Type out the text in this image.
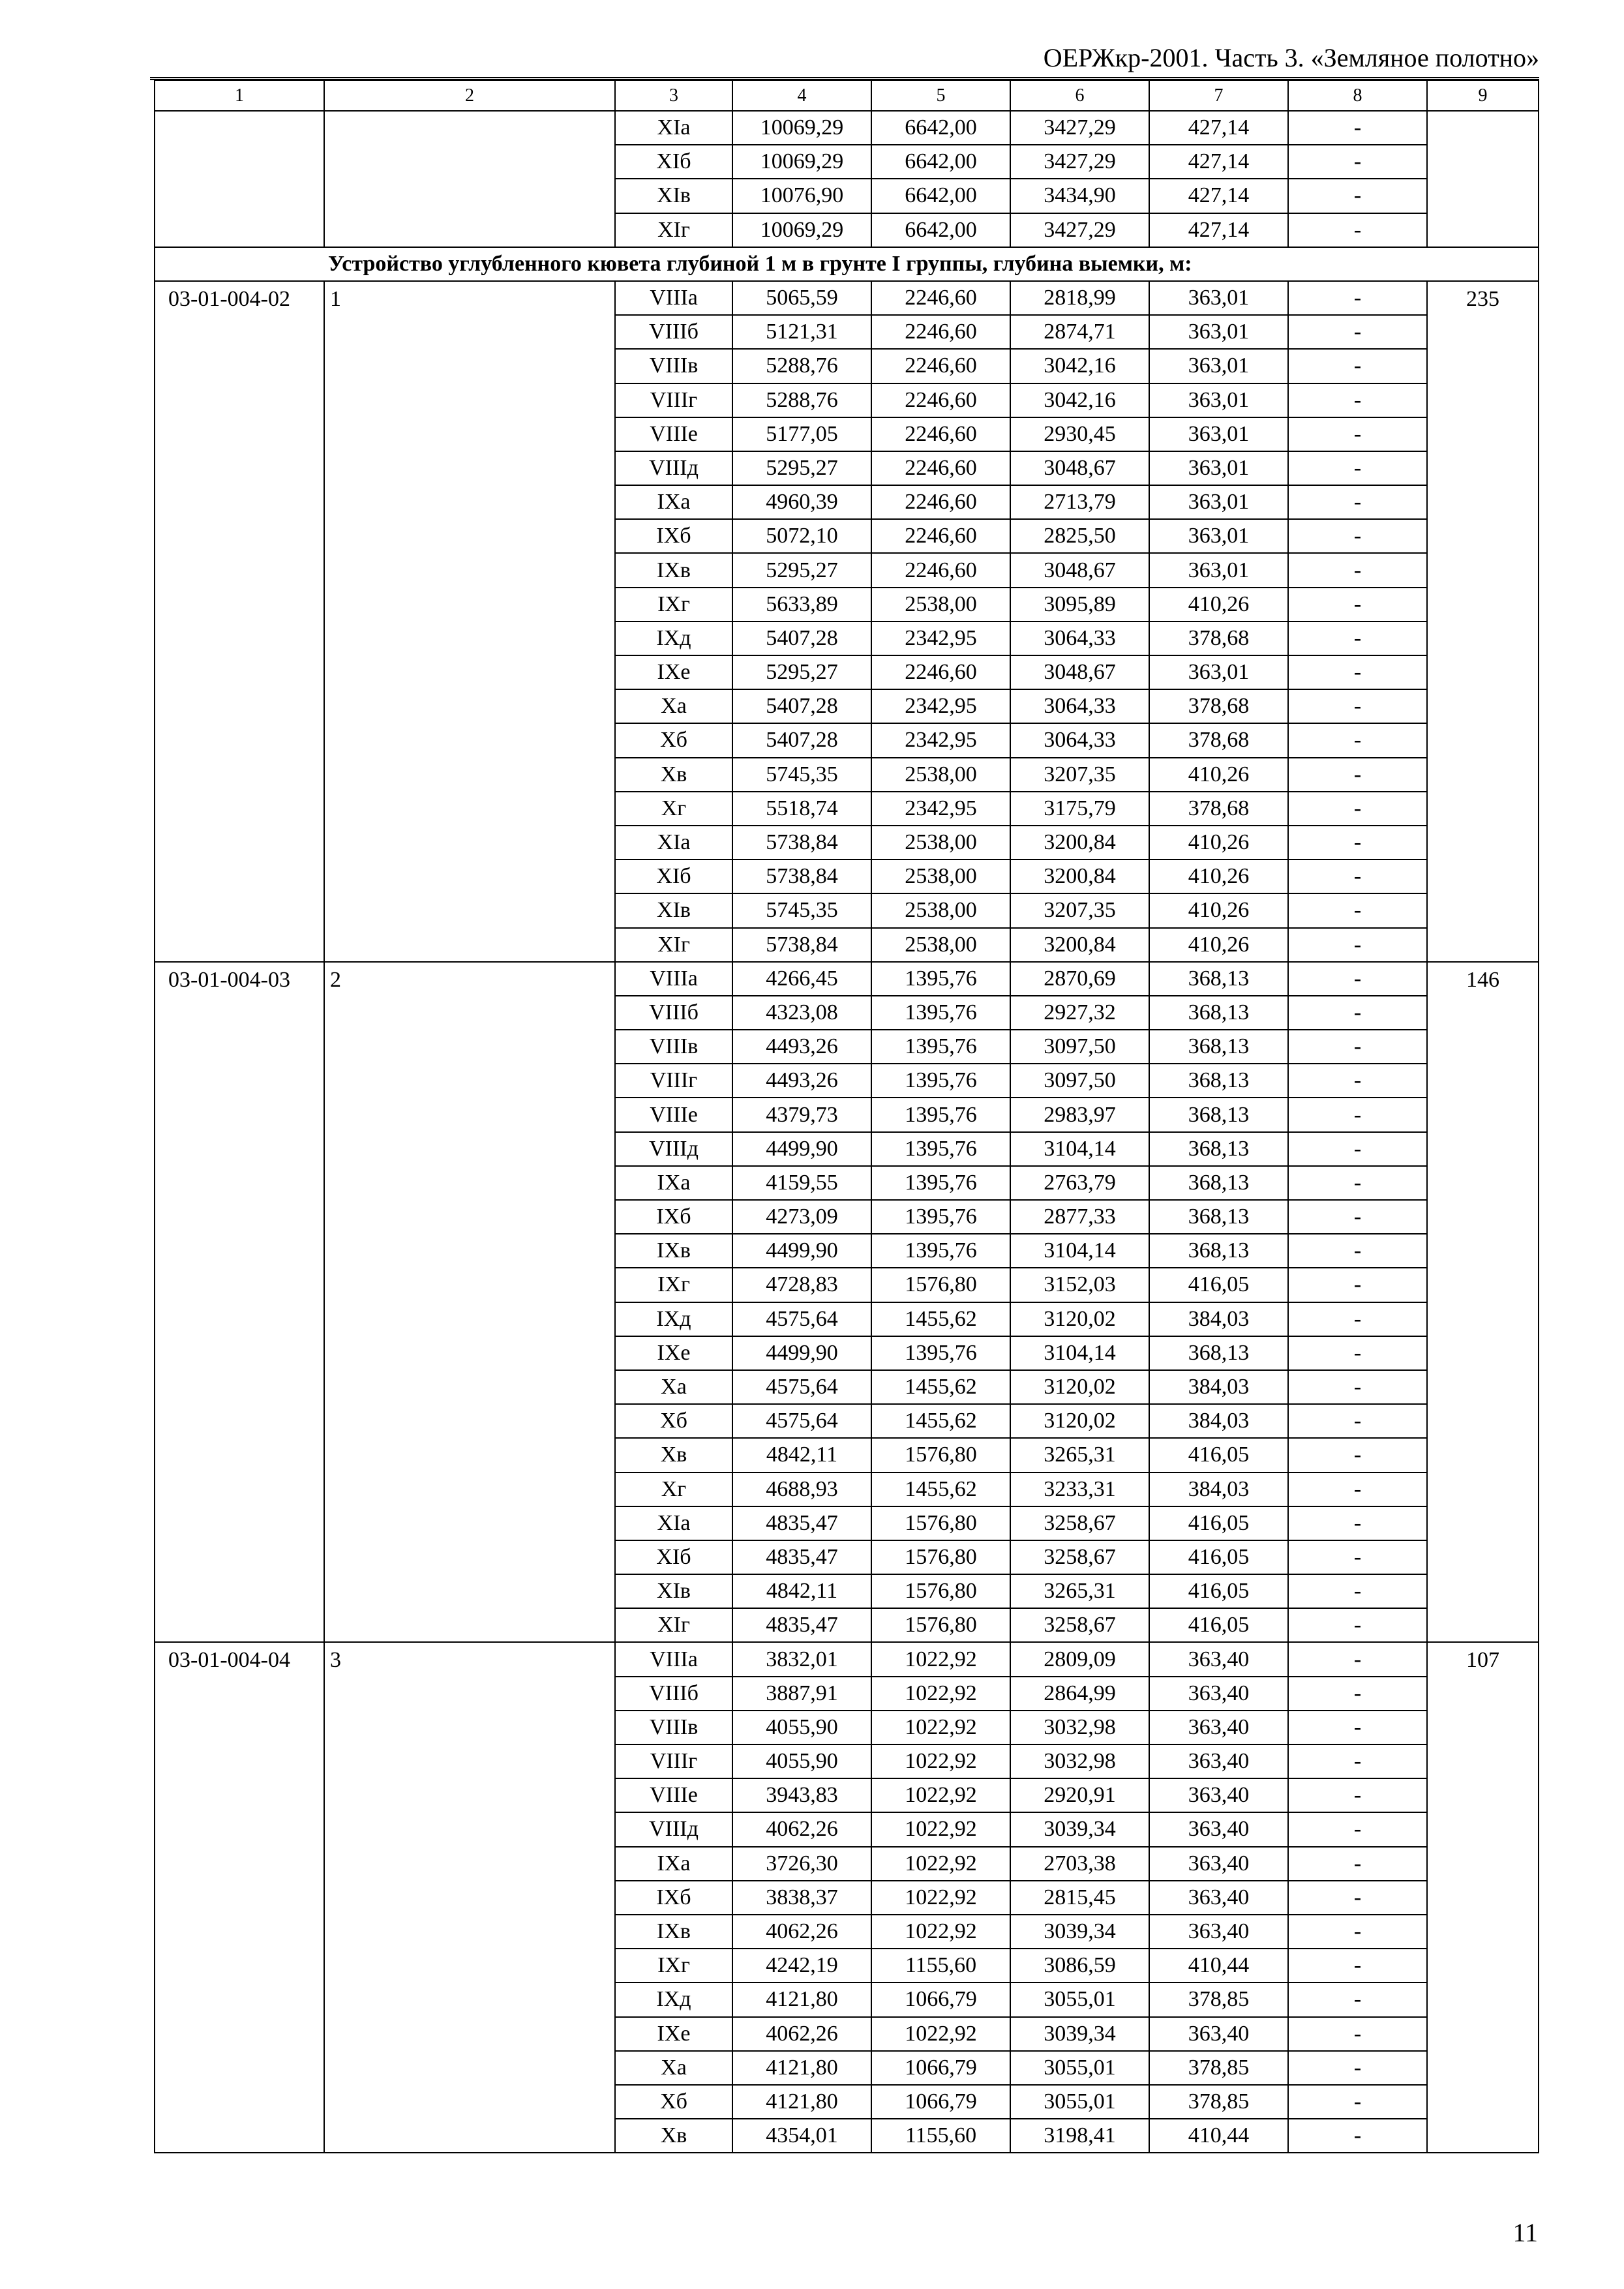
ОЕРЖкр-2001. Часть 3. «Земляное полотно»
1	2	3	4	5	6	7	8	9
		XIа	10069,29	6642,00	3427,29	427,14	-	
		XIб	10069,29	6642,00	3427,29	427,14	-	
		XIв	10076,90	6642,00	3434,90	427,14	-	
		XIг	10069,29	6642,00	3427,29	427,14	-	
Устройство углубленного кювета глубиной 1 м в грунте I группы, глубина выемки, м:								
03-01-004-02	1	VIIIа	5065,59	2246,60	2818,99	363,01	-	235
		VIIIб	5121,31	2246,60	2874,71	363,01	-	
		VIIIв	5288,76	2246,60	3042,16	363,01	-	
		VIIIг	5288,76	2246,60	3042,16	363,01	-	
		VIIIе	5177,05	2246,60	2930,45	363,01	-	
		VIIIд	5295,27	2246,60	3048,67	363,01	-	
		IXа	4960,39	2246,60	2713,79	363,01	-	
		IXб	5072,10	2246,60	2825,50	363,01	-	
		IXв	5295,27	2246,60	3048,67	363,01	-	
		IXг	5633,89	2538,00	3095,89	410,26	-	
		IXд	5407,28	2342,95	3064,33	378,68	-	
		IXе	5295,27	2246,60	3048,67	363,01	-	
		Xа	5407,28	2342,95	3064,33	378,68	-	
		Xб	5407,28	2342,95	3064,33	378,68	-	
		Xв	5745,35	2538,00	3207,35	410,26	-	
		Xг	5518,74	2342,95	3175,79	378,68	-	
		XIа	5738,84	2538,00	3200,84	410,26	-	
		XIб	5738,84	2538,00	3200,84	410,26	-	
		XIв	5745,35	2538,00	3207,35	410,26	-	
		XIг	5738,84	2538,00	3200,84	410,26	-	
03-01-004-03	2	VIIIа	4266,45	1395,76	2870,69	368,13	-	146
		VIIIб	4323,08	1395,76	2927,32	368,13	-	
		VIIIв	4493,26	1395,76	3097,50	368,13	-	
		VIIIг	4493,26	1395,76	3097,50	368,13	-	
		VIIIе	4379,73	1395,76	2983,97	368,13	-	
		VIIIд	4499,90	1395,76	3104,14	368,13	-	
		IXа	4159,55	1395,76	2763,79	368,13	-	
		IXб	4273,09	1395,76	2877,33	368,13	-	
		IXв	4499,90	1395,76	3104,14	368,13	-	
		IXг	4728,83	1576,80	3152,03	416,05	-	
		IXд	4575,64	1455,62	3120,02	384,03	-	
		IXе	4499,90	1395,76	3104,14	368,13	-	
		Xа	4575,64	1455,62	3120,02	384,03	-	
		Xб	4575,64	1455,62	3120,02	384,03	-	
		Xв	4842,11	1576,80	3265,31	416,05	-	
		Xг	4688,93	1455,62	3233,31	384,03	-	
		XIа	4835,47	1576,80	3258,67	416,05	-	
		XIб	4835,47	1576,80	3258,67	416,05	-	
		XIв	4842,11	1576,80	3265,31	416,05	-	
		XIг	4835,47	1576,80	3258,67	416,05	-	
03-01-004-04	3	VIIIа	3832,01	1022,92	2809,09	363,40	-	107
		VIIIб	3887,91	1022,92	2864,99	363,40	-	
		VIIIв	4055,90	1022,92	3032,98	363,40	-	
		VIIIг	4055,90	1022,92	3032,98	363,40	-	
		VIIIе	3943,83	1022,92	2920,91	363,40	-	
		VIIIд	4062,26	1022,92	3039,34	363,40	-	
		IXа	3726,30	1022,92	2703,38	363,40	-	
		IXб	3838,37	1022,92	2815,45	363,40	-	
		IXв	4062,26	1022,92	3039,34	363,40	-	
		IXг	4242,19	1155,60	3086,59	410,44	-	
		IXд	4121,80	1066,79	3055,01	378,85	-	
		IXе	4062,26	1022,92	3039,34	363,40	-	
		Xа	4121,80	1066,79	3055,01	378,85	-	
		Xб	4121,80	1066,79	3055,01	378,85	-	
		Xв	4354,01	1155,60	3198,41	410,44	-	
11
